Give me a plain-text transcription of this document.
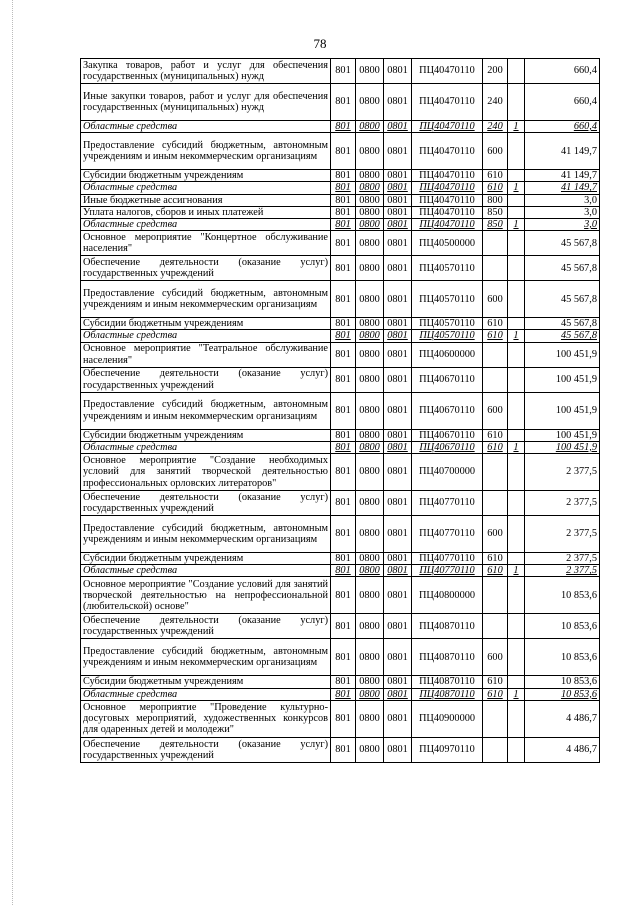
78
Закупка товаров, работ и услуг для обеспечения государственных (муниципальных) нужд	801	0800	0801	ПЦ40470110	200		660,4
Иные закупки товаров, работ и услуг для обеспечения государственных (муниципальных) нужд	801	0800	0801	ПЦ40470110	240		660,4
Областные средства	801	0800	0801	ПЦ40470110	240	1	660,4
Предоставление субсидий бюджетным, автономным учреждениям и иным некоммерческим организациям	801	0800	0801	ПЦ40470110	600		41 149,7
Субсидии бюджетным учреждениям	801	0800	0801	ПЦ40470110	610		41 149,7
Областные средства	801	0800	0801	ПЦ40470110	610	1	41 149,7
Иные бюджетные ассигнования	801	0800	0801	ПЦ40470110	800		3,0
Уплата налогов, сборов и иных платежей	801	0800	0801	ПЦ40470110	850		3,0
Областные средства	801	0800	0801	ПЦ40470110	850	1	3,0
Основное мероприятие "Концертное обслуживание населения"	801	0800	0801	ПЦ40500000			45 567,8
Обеспечение деятельности (оказание услуг) государственных учреждений	801	0800	0801	ПЦ40570110			45 567,8
Предоставление субсидий бюджетным, автономным учреждениям и иным некоммерческим организациям	801	0800	0801	ПЦ40570110	600		45 567,8
Субсидии бюджетным учреждениям	801	0800	0801	ПЦ40570110	610		45 567,8
Областные средства	801	0800	0801	ПЦ40570110	610	1	45 567,8
Основное мероприятие "Театральное обслуживание населения"	801	0800	0801	ПЦ40600000			100 451,9
Обеспечение деятельности (оказание услуг) государственных учреждений	801	0800	0801	ПЦ40670110			100 451,9
Предоставление субсидий бюджетным, автономным учреждениям и иным некоммерческим организациям	801	0800	0801	ПЦ40670110	600		100 451,9
Субсидии бюджетным учреждениям	801	0800	0801	ПЦ40670110	610		100 451,9
Областные средства	801	0800	0801	ПЦ40670110	610	1	100 451,9
Основное мероприятие "Создание необходимых условий для занятий творческой деятельностью профессиональных орловских литераторов"	801	0800	0801	ПЦ40700000			2 377,5
Обеспечение деятельности (оказание услуг) государственных учреждений	801	0800	0801	ПЦ40770110			2 377,5
Предоставление субсидий бюджетным, автономным учреждениям и иным некоммерческим организациям	801	0800	0801	ПЦ40770110	600		2 377,5
Субсидии бюджетным учреждениям	801	0800	0801	ПЦ40770110	610		2 377,5
Областные средства	801	0800	0801	ПЦ40770110	610	1	2 377,5
Основное мероприятие "Создание условий для занятий творческой деятельностью на непрофессиональной (любительской) основе"	801	0800	0801	ПЦ40800000			10 853,6
Обеспечение деятельности (оказание услуг) государственных учреждений	801	0800	0801	ПЦ40870110			10 853,6
Предоставление субсидий бюджетным, автономным учреждениям и иным некоммерческим организациям	801	0800	0801	ПЦ40870110	600		10 853,6
Субсидии бюджетным учреждениям	801	0800	0801	ПЦ40870110	610		10 853,6
Областные средства	801	0800	0801	ПЦ40870110	610	1	10 853,6
Основное мероприятие "Проведение культурно-досуговых мероприятий, художественных конкурсов для одаренных детей и молодежи"	801	0800	0801	ПЦ40900000			4 486,7
Обеспечение деятельности (оказание услуг) государственных учреждений	801	0800	0801	ПЦ40970110			4 486,7
